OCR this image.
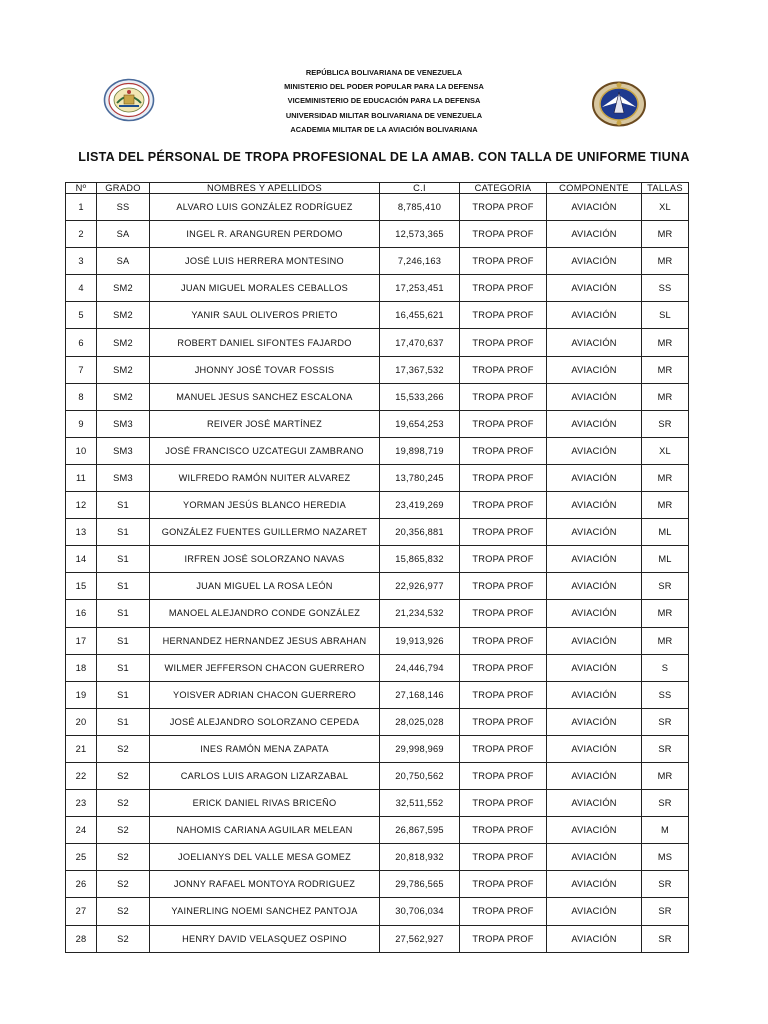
REPÚBLICA BOLIVARIANA DE VENEZUELA
MINISTERIO DEL PODER POPULAR PARA LA DEFENSA
VICEMINISTERIO DE EDUCACIÓN PARA LA DEFENSA
UNIVERSIDAD MILITAR BOLIVARIANA DE VENEZUELA
ACADEMIA MILITAR DE LA AVIACIÓN BOLIVARIANA
LISTA DEL PÉRSONAL DE TROPA PROFESIONAL DE LA AMAB. CON TALLA DE UNIFORME TIUNA
Nº	GRADO	NOMBRES Y APELLIDOS	C.I	CATEGORIA	COMPONENTE	TALLAS
1	SS	ALVARO LUIS GONZÁLEZ RODRÍGUEZ	8,785,410	TROPA PROF	AVIACIÓN	XL
2	SA	INGEL R. ARANGUREN PERDOMO	12,573,365	TROPA PROF	AVIACIÓN	MR
3	SA	JOSÉ LUIS HERRERA MONTESINO	7,246,163	TROPA PROF	AVIACIÓN	MR
4	SM2	JUAN MIGUEL MORALES CEBALLOS	17,253,451	TROPA PROF	AVIACIÓN	SS
5	SM2	YANIR SAUL OLIVEROS PRIETO	16,455,621	TROPA PROF	AVIACIÓN	SL
6	SM2	ROBERT DANIEL SIFONTES FAJARDO	17,470,637	TROPA PROF	AVIACIÓN	MR
7	SM2	JHONNY JOSÉ TOVAR FOSSIS	17,367,532	TROPA PROF	AVIACIÓN	MR
8	SM2	MANUEL JESUS SANCHEZ ESCALONA	15,533,266	TROPA PROF	AVIACIÓN	MR
9	SM3	REIVER JOSÉ MARTÍNEZ	19,654,253	TROPA PROF	AVIACIÓN	SR
10	SM3	JOSÉ FRANCISCO UZCATEGUI ZAMBRANO	19,898,719	TROPA PROF	AVIACIÓN	XL
11	SM3	WILFREDO RAMÓN NUITER ALVAREZ	13,780,245	TROPA PROF	AVIACIÓN	MR
12	S1	YORMAN JESÚS BLANCO HEREDIA	23,419,269	TROPA PROF	AVIACIÓN	MR
13	S1	GONZÁLEZ FUENTES GUILLERMO NAZARET	20,356,881	TROPA PROF	AVIACIÓN	ML
14	S1	IRFREN JOSÉ SOLORZANO NAVAS	15,865,832	TROPA PROF	AVIACIÓN	ML
15	S1	JUAN MIGUEL LA ROSA LEÓN	22,926,977	TROPA PROF	AVIACIÓN	SR
16	S1	MANOEL ALEJANDRO CONDE GONZÁLEZ	21,234,532	TROPA PROF	AVIACIÓN	MR
17	S1	HERNANDEZ HERNANDEZ JESUS ABRAHAN	19,913,926	TROPA PROF	AVIACIÓN	MR
18	S1	WILMER JEFFERSON CHACON GUERRERO	24,446,794	TROPA PROF	AVIACIÓN	S
19	S1	YOISVER ADRIAN CHACON GUERRERO	27,168,146	TROPA PROF	AVIACIÓN	SS
20	S1	JOSÉ ALEJANDRO SOLORZANO CEPEDA	28,025,028	TROPA PROF	AVIACIÓN	SR
21	S2	INES RAMÓN MENA ZAPATA	29,998,969	TROPA PROF	AVIACIÓN	SR
22	S2	CARLOS LUIS ARAGON LIZARZABAL	20,750,562	TROPA PROF	AVIACIÓN	MR
23	S2	ERICK DANIEL RIVAS BRICEÑO	32,511,552	TROPA PROF	AVIACIÓN	SR
24	S2	NAHOMIS CARIANA AGUILAR MELEAN	26,867,595	TROPA PROF	AVIACIÓN	M
25	S2	JOELIANYS DEL VALLE MESA GOMEZ	20,818,932	TROPA PROF	AVIACIÓN	MS
26	S2	JONNY RAFAEL MONTOYA RODRIGUEZ	29,786,565	TROPA PROF	AVIACIÓN	SR
27	S2	YAINERLING NOEMI SANCHEZ PANTOJA	30,706,034	TROPA PROF	AVIACIÓN	SR
28	S2	HENRY DAVID VELASQUEZ OSPINO	27,562,927	TROPA PROF	AVIACIÓN	SR
